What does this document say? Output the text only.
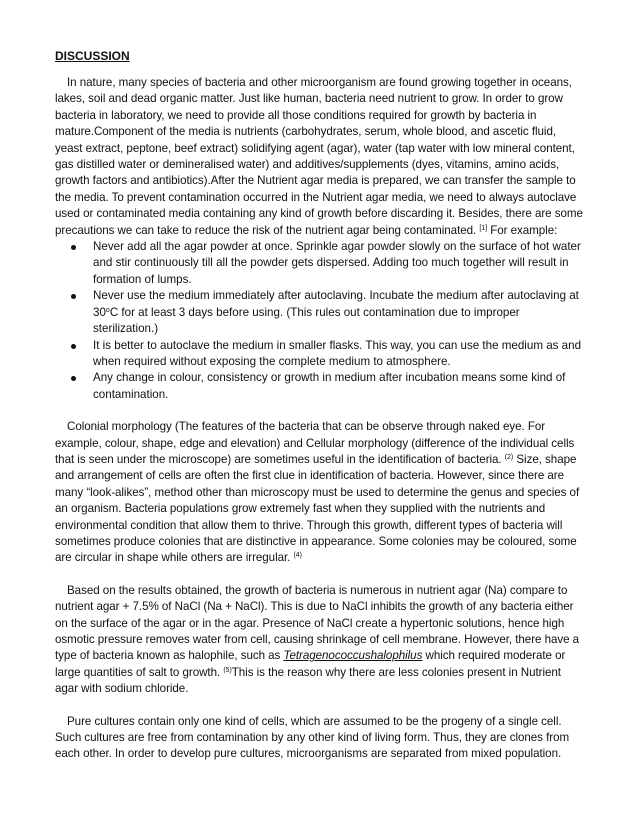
DISCUSSION

In nature, many species of bacteria and other microorganism are found growing together in oceans, lakes, soil and dead organic matter. Just like human, bacteria need nutrient to grow. In order to grow bacteria in laboratory, we need to provide all those conditions required for growth by bacteria in mature.Component of the media is nutrients (carbohydrates, serum, whole blood, and ascetic fluid, yeast extract, peptone, beef extract) solidifying agent (agar), water (tap water with low mineral content, gas distilled water or demineralised water) and additives/supplements (dyes, vitamins, amino acids, growth factors and antibiotics).After the Nutrient agar media is prepared, we can transfer the sample to the media. To prevent contamination occurred in the Nutrient agar media, we need to always autoclave used or contaminated media containing any kind of growth before discarding it. Besides, there are some precautions we can take to reduce the risk of the nutrient agar being contaminated. [1] For example:

Never add all the agar powder at once. Sprinkle agar powder slowly on the surface of hot water and stir continuously till all the powder gets dispersed. Adding too much together will result in formation of lumps.
Never use the medium immediately after autoclaving. Incubate the medium after autoclaving at 30$^o$C for at least 3 days before using. (This rules out contamination due to improper sterilization.)
It is better to autoclave the medium in smaller flasks. This way, you can use the medium as and when required without exposing the complete medium to atmosphere.
Any change in colour, consistency or growth in medium after incubation means some kind of contamination.

Colonial morphology (The features of the bacteria that can be observe through naked eye. For example, colour, shape, edge and elevation) and Cellular morphology (difference of the individual cells that is seen under the microscope) are sometimes useful in the identification of bacteria. $^{(2)}$ Size, shape and arrangement of cells are often the first clue in identification of bacteria. However, since there are many “look-alikes”, method other than microscopy must be used to determine the genus and species of an organism. Bacteria populations grow extremely fast when they supplied with the nutrients and environmental condition that allow them to thrive. Through this growth, different types of bacteria will sometimes produce colonies that are distinctive in appearance. Some colonies may be coloured, some are circular in shape while others are irregular. $^{(4)}$

Based on the results obtained, the growth of bacteria is numerous in nutrient agar (Na) compare to nutrient agar + 7.5% of NaCl (Na + NaCl). This is due to NaCl inhibits the growth of any bacteria either on the surface of the agar or in the agar. Presence of NaCl create a hypertonic solutions, hence high osmotic pressure removes water from cell, causing shrinkage of cell membrane. However, there have a type of bacteria known as halophile, such as Tetragenococcushalophilus which required moderate or large quantities of salt to growth. $^{(5)}$This is the reason why there are less colonies present in Nutrient agar with sodium chloride.

Pure cultures contain only one kind of cells, which are assumed to be the progeny of a single cell. Such cultures are free from contamination by any other kind of living form. Thus, they are clones from each other. In order to develop pure cultures, microorganisms are separated from mixed population.
